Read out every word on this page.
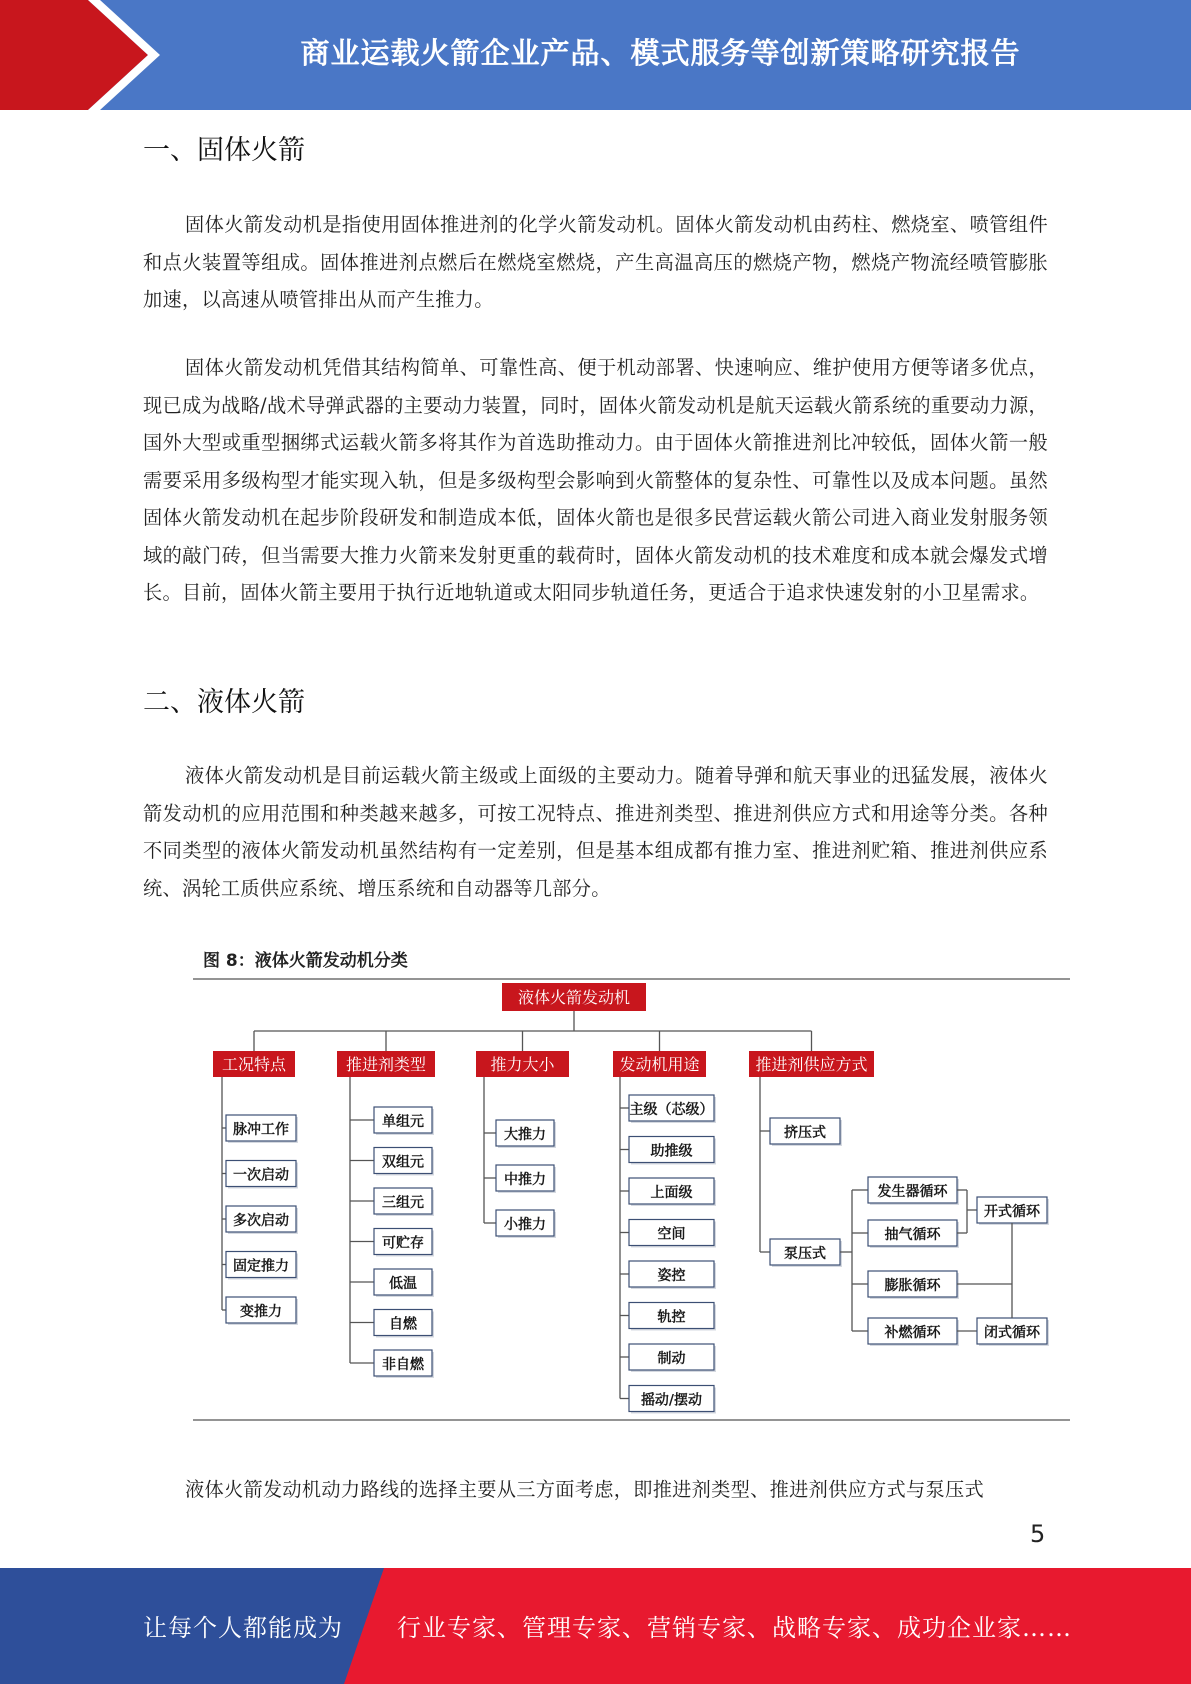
商业运载火箭企业产品、模式服务等创新策略研究报告
一、固体火箭

固体火箭发动机是指使用固体推进剂的化学火箭发动机。固体火箭发动机由药柱、燃烧室、喷管组件和点火装置等组成。固体推进剂点燃后在燃烧室燃烧，产生高温高压的燃烧产物，燃烧产物流经喷管膨胀加速，以高速从喷管排出从而产生推力。

固体火箭发动机凭借其结构简单、可靠性高、便于机动部署、快速响应、维护使用方便等诸多优点，现已成为战略/战术导弹武器的主要动力装置，同时，固体火箭发动机是航天运载火箭系统的重要动力源，国外大型或重型捆绑式运载火箭多将其作为首选助推动力。由于固体火箭推进剂比冲较低，固体火箭一般需要采用多级构型才能实现入轨，但是多级构型会影响到火箭整体的复杂性、可靠性以及成本问题。虽然固体火箭发动机在起步阶段研发和制造成本低，固体火箭也是很多民营运载火箭公司进入商业发射服务领域的敲门砖，但当需要大推力火箭来发射更重的载荷时，固体火箭发动机的技术难度和成本就会爆发式增长。目前，固体火箭主要用于执行近地轨道或太阳同步轨道任务，更适合于追求快速发射的小卫星需求。

二、液体火箭

液体火箭发动机是目前运载火箭主级或上面级的主要动力。随着导弹和航天事业的迅猛发展，液体火箭发动机的应用范围和种类越来越多，可按工况特点、推进剂类型、推进剂供应方式和用途等分类。各种不同类型的液体火箭发动机虽然结构有一定差别，但是基本组成都有推力室、推进剂贮箱、推进剂供应系统、涡轮工质供应系统、增压系统和自动器等几部分。

图 8：液体火箭发动机分类
液体火箭发动机
工况特点	推进剂类型	推力大小	发动机用途	推进剂供应方式
脉冲工作
一次启动
多次启动
固定推力
变推力
单组元
双组元
三组元
可贮存
低温
自燃
非自燃
大推力
中推力
小推力
主级（芯级）
助推级
上面级
空间
姿控
轨控
制动
摇动/摆动
挤压式
泵压式
发生器循环
抽气循环
膨胀循环
补燃循环
开式循环
闭式循环

液体火箭发动机动力路线的选择主要从三方面考虑，即推进剂类型、推进剂供应方式与泵压式

5
让每个人都能成为 行业专家、管理专家、营销专家、战略专家、成功企业家……
